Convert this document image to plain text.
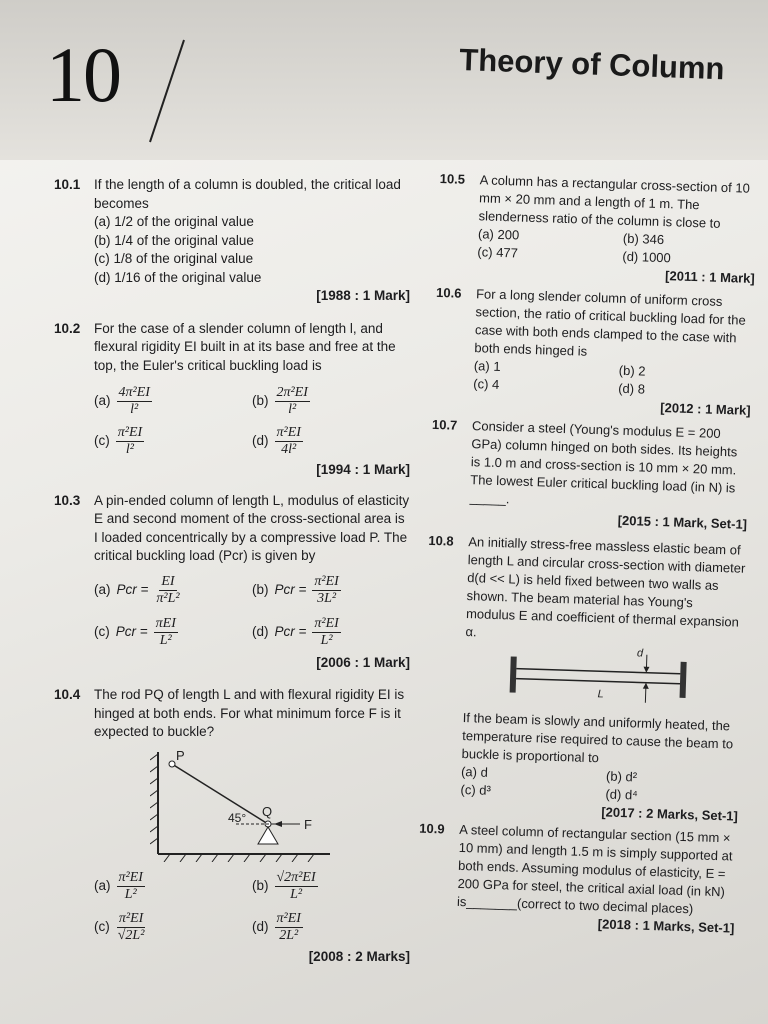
10	Theory of Column
10.1	If the length of a column is doubled, the critical load becomes
(a) 1/2 of the original value
(b) 1/4 of the original value
(c) 1/8 of the original value
(d) 1/16 of the original value
[1988 : 1 Mark]
10.2	For the case of a slender column of length l, and flexural rigidity EI built in at its base and free at the top, the Euler's critical buckling load is
$(a) \frac{\text{4π²EI}}{\text{l²}}$	$(b) \frac{\text{2π²EI}}{\text{l²}}$
$(c) \frac{\text{π²EI}}{\text{l²}}$	$(d) \frac{\text{π²EI}}{\text{4l²}}$
[1994 : 1 Mark]
10.3	A pin-ended column of length L, modulus of elasticity E and second moment of the cross-sectional area is I loaded concentrically by a compressive load P. The critical buckling load (Pcr) is given by
(a) Pcr = $\frac{EI}{\text{π²L²}}$	(b) Pcr = $\frac{\text{π²EI}}{\text{3L²}}$
(c) Pcr = $\frac{\text{πEI}}{\text{L²}}$	(d) Pcr = $\frac{\text{π²EI}}{\text{L²}}$
[2006 : 1 Mark]
10.4	The rod PQ of length L and with flexural rigidity EI is hinged at both ends. For what minimum force F is it expected to buckle?
P
Q
45°	F
$(a) \frac{\text{π²EI}}{\text{L²}}$	$(b) \frac{\text{√2π²EI}}{\text{L²}}$
$(c) \frac{\text{π²EI}}{\text{√2L²}}$	$(d) \frac{\text{π²EI}}{\text{2L²}}$
[2008 : 2 Marks]
10.5	A column has a rectangular cross-section of 10 mm × 20 mm and a length of 1 m. The slenderness ratio of the column is close to
(a) 200	(b) 346
(c) 477	(d) 1000
[2011 : 1 Mark]
10.6	For a long slender column of uniform cross section, the ratio of critical buckling load for the case with both ends clamped to the case with both ends hinged is
(a) 1	(b) 2
(c) 4	(d) 8
[2012 : 1 Mark]
10.7	Consider a steel (Young's modulus E = 200 GPa) column hinged on both sides. Its heights is 1.0 m and cross-section is 10 mm × 20 mm. The lowest Euler critical buckling load (in N) is _____.
[2015 : 1 Mark, Set-1]
10.8	An initially stress-free massless elastic beam of length L and circular cross-section with diameter d(d << L) is held fixed between two walls as shown. The beam material has Young's modulus E and coefficient of thermal expansion α.
d
L
If the beam is slowly and uniformly heated, the temperature rise required to cause the beam to buckle is proportional to
(a) d	(b) d²
(c) d³	(d) d⁴
[2017 : 2 Marks, Set-1]
10.9	A steel column of rectangular section (15 mm × 10 mm) and length 1.5 m is simply supported at both ends. Assuming modulus of elasticity, E = 200 GPa for steel, the critical axial load (in kN) is_______(correct to two decimal places)
[2018 : 1 Marks, Set-1]
